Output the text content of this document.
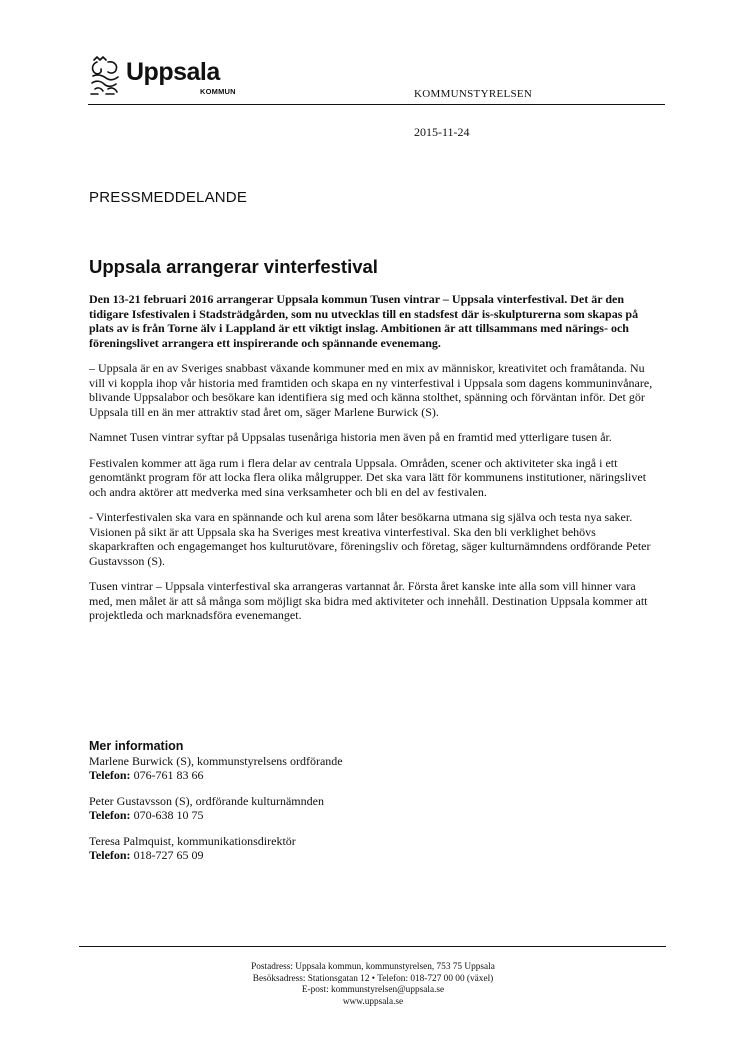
Uppsala
KOMMUN	KOMMUNSTYRELSEN
2015-11-24
PRESSMEDDELANDE
Uppsala arrangerar vinterfestival

Den 13-21 februari 2016 arrangerar Uppsala kommun Tusen vintrar – Uppsala vinterfestival. Det är den tidigare Isfestivalen i Stadsträdgården, som nu utvecklas till en stadsfest där is-skulpturerna som skapas på plats av is från Torne älv i Lappland är ett viktigt inslag. Ambitionen är att tillsammans med närings- och föreningslivet arrangera ett inspirerande och spännande evenemang.

– Uppsala är en av Sveriges snabbast växande kommuner med en mix av människor, kreativitet och framåtanda. Nu vill vi koppla ihop vår historia med framtiden och skapa en ny vinterfestival i Uppsala som dagens kommuninvånare, blivande Uppsalabor och besökare kan identifiera sig med och känna stolthet, spänning och förväntan inför. Det gör Uppsala till en än mer attraktiv stad året om, säger Marlene Burwick (S).

Namnet Tusen vintrar syftar på Uppsalas tusenåriga historia men även på en framtid med ytterligare tusen år.

Festivalen kommer att äga rum i flera delar av centrala Uppsala. Områden, scener och aktiviteter ska ingå i ett genomtänkt program för att locka flera olika målgrupper. Det ska vara lätt för kommunens institutioner, näringslivet och andra aktörer att medverka med sina verksamheter och bli en del av festivalen.

- Vinterfestivalen ska vara en spännande och kul arena som låter besökarna utmana sig själva och testa nya saker. Visionen på sikt är att Uppsala ska ha Sveriges mest kreativa vinterfestival. Ska den bli verklighet behövs skaparkraften och engagemanget hos kulturutövare, föreningsliv och företag, säger kulturnämndens ordförande Peter Gustavsson (S).

Tusen vintrar – Uppsala vinterfestival ska arrangeras vartannat år. Första året kanske inte alla som vill hinner vara med, men målet är att så många som möjligt ska bidra med aktiviteter och innehåll. Destination Uppsala kommer att projektleda och marknadsföra evenemanget.

Mer information
Marlene Burwick (S), kommunstyrelsens ordförande
Telefon: 076-761 83 66
Peter Gustavsson (S), ordförande kulturnämnden
Telefon: 070-638 10 75
Teresa Palmquist, kommunikationsdirektör
Telefon: 018-727 65 09
Postadress: Uppsala kommun, kommunstyrelsen, 753 75 Uppsala
Besöksadress: Stationsgatan 12 • Telefon: 018-727 00 00 (växel)
E-post: kommunstyrelsen@uppsala.se
www.uppsala.se
